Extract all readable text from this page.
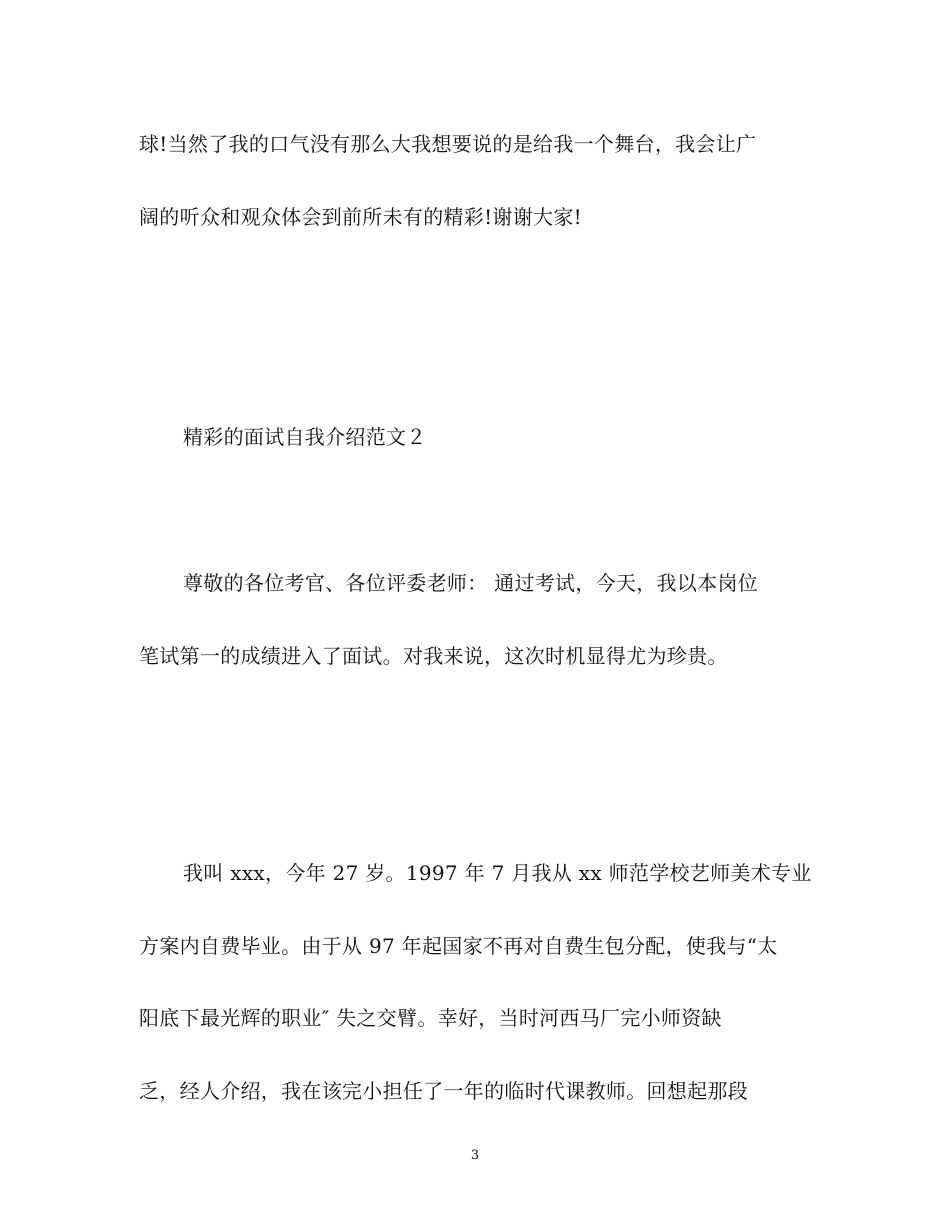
球!当然了我的口气没有那么大我想要说的是给我一个舞台，我会让广
阔的听众和观众体会到前所未有的精彩!谢谢大家!
精彩的面试自我介绍范文２
尊敬的各位考官、各位评委老师： 通过考试，今天，我以本岗位
笔试第一的成绩进入了面试。对我来说，这次时机显得尤为珍贵。
我叫 xxx，今年 27 岁。1997 年 7 月我从 xx 师范学校艺师美术专业
方案内自费毕业。由于从 97 年起国家不再对自费生包分配，使我与“太
阳底下最光辉的职业″ 失之交臂。幸好，当时河西马厂完小师资缺
乏，经人介绍，我在该完小担任了一年的临时代课教师。回想起那段
3
